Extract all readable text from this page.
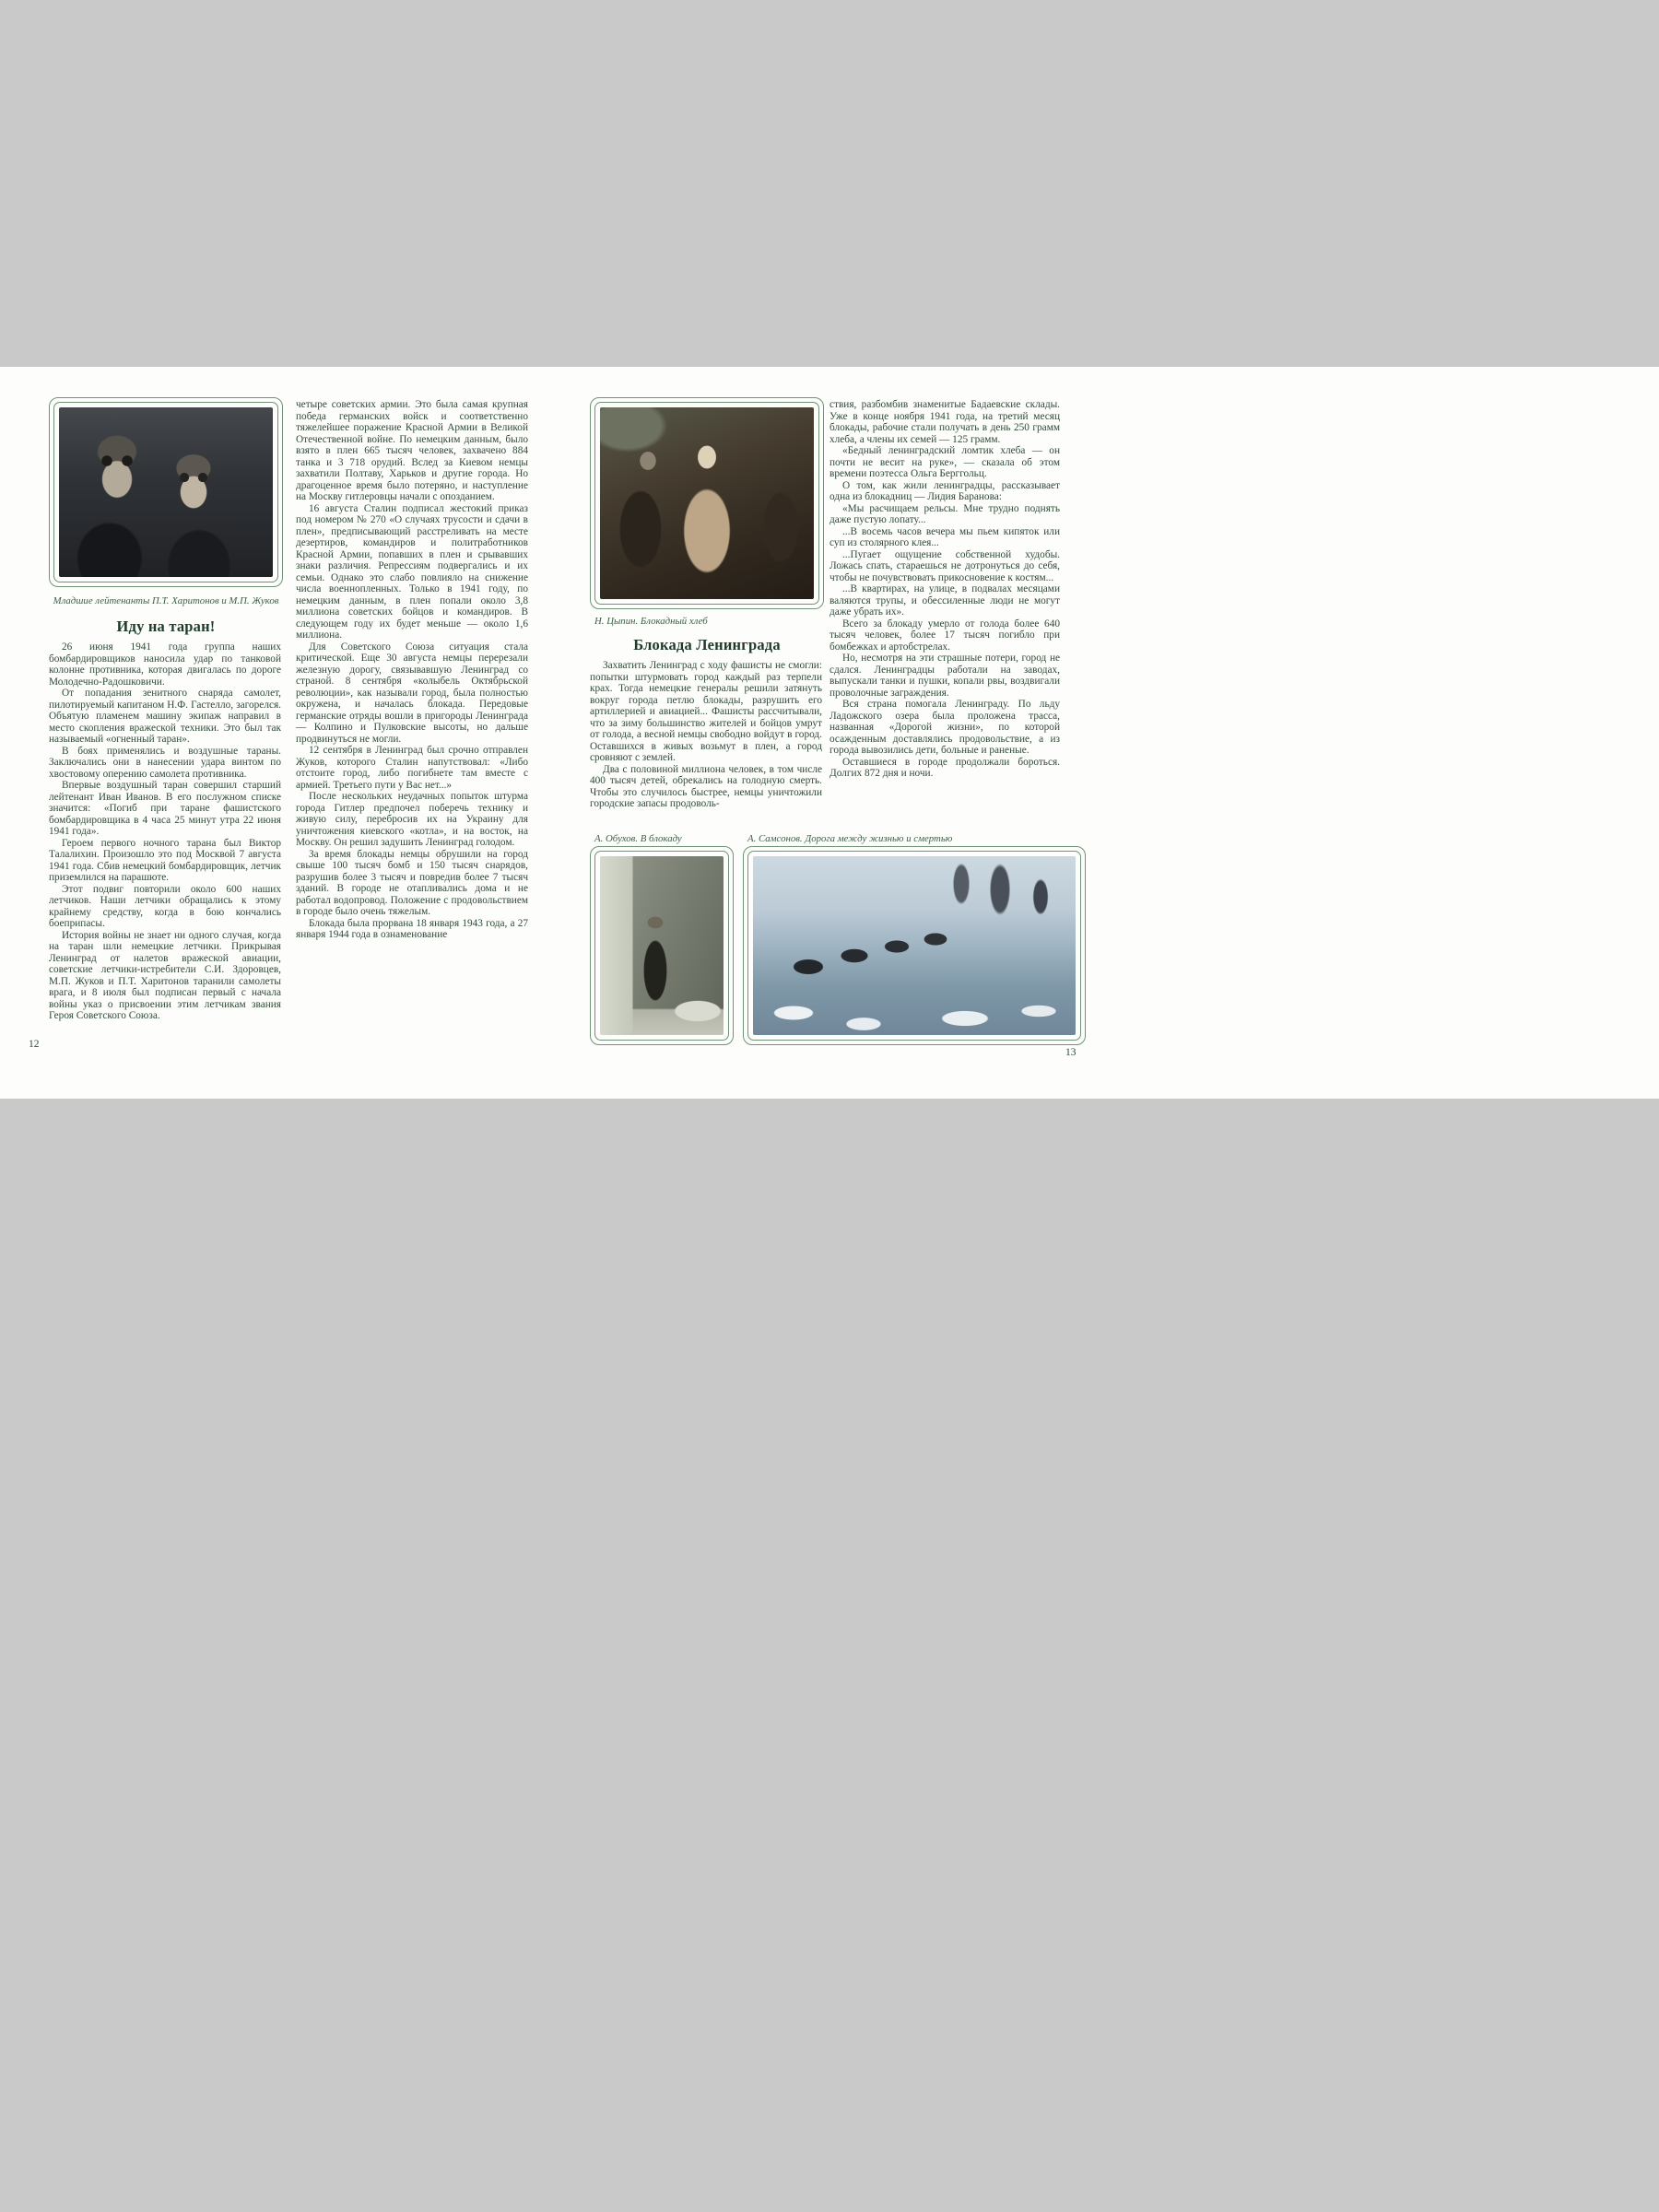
Младшие лейтенанты П.Т. Харитонов и М.П. Жуков
Иду на таран!

26 июня 1941 года группа наших бомбардировщиков наносила удар по танковой колонне противника, которая двигалась по дороге Молодечно-Радошковичи.

От попадания зенитного снаряда самолет, пилотируемый капитаном Н.Ф. Гастелло, загорелся. Объятую пламенем машину экипаж направил в место скопления вражеской техники. Это был так называемый «огненный таран».

В боях применялись и воздушные тараны. Заключались они в нанесении удара винтом по хвостовому оперению самолета противника.

Впервые воздушный таран совершил старший лейтенант Иван Иванов. В его послужном списке значится: «Погиб при таране фашистского бомбардировщика в 4 часа 25 минут утра 22 июня 1941 года».

Героем первого ночного тарана был Виктор Талалихин. Произошло это под Москвой 7 августа 1941 года. Сбив немецкий бомбардировщик, летчик приземлился на парашюте.

Этот подвиг повторили около 600 наших летчиков. Наши летчики обращались к этому крайнему средству, когда в бою кончались боеприпасы.

История войны не знает ни одного случая, когда на таран шли немецкие летчики. Прикрывая Ленинград от налетов вражеской авиации, советские летчики-истребители С.И. Здоровцев, М.П. Жуков и П.Т. Харитонов таранили самолеты врага, и 8 июля был подписан первый с начала войны указ о присвоении этим летчикам звания Героя Советского Союза.

четыре советских армии. Это была самая крупная победа германских войск и соответственно тяжелейшее поражение Красной Армии в Великой Отечественной войне. По немецким данным, было взято в плен 665 тысяч человек, захвачено 884 танка и 3 718 орудий. Вслед за Киевом немцы захватили Полтаву, Харьков и другие города. Но драгоценное время было потеряно, и наступление на Москву гитлеровцы начали с опозданием.

16 августа Сталин подписал жестокий приказ под номером № 270 «О случаях трусости и сдачи в плен», предписывающий расстреливать на месте дезертиров, командиров и политработников Красной Армии, попавших в плен и срывавших знаки различия. Репрессиям подвергались и их семьи. Однако это слабо повлияло на снижение числа военнопленных. Только в 1941 году, по немецким данным, в плен попали около 3,8 миллиона советских бойцов и командиров. В следующем году их будет меньше — около 1,6 миллиона.

Для Советского Союза ситуация стала критической. Еще 30 августа немцы перерезали железную дорогу, связывавшую Ленинград со страной. 8 сентября «колыбель Октябрьской революции», как называли город, была полностью окружена, и началась блокада. Передовые германские отряды вошли в пригороды Ленинграда — Колпино и Пулковские высоты, но дальше продвинуться не могли.

12 сентября в Ленинград был срочно отправлен Жуков, которого Сталин напутствовал: «Либо отстоите город, либо погибнете там вместе с армией. Третьего пути у Вас нет...»

После нескольких неудачных попыток штурма города Гитлер предпочел поберечь технику и живую силу, перебросив их на Украину для уничтожения киевского «котла», и на восток, на Москву. Он решил задушить Ленинград голодом.

За время блокады немцы обрушили на город свыше 100 тысяч бомб и 150 тысяч снарядов, разрушив более 3 тысяч и повредив более 7 тысяч зданий. В городе не отапливались дома и не работал водопровод. Положение с продовольствием в городе было очень тяжелым.

Блокада была прорвана 18 января 1943 года, а 27 января 1944 года в ознаменование

12
Н. Цыпин. Блокадный хлеб
Блокада Ленинграда

Захватить Ленинград с ходу фашисты не смогли: попытки штурмовать город каждый раз терпели крах. Тогда немецкие генералы решили затянуть вокруг города петлю блокады, разрушить его артиллерией и авиацией... Фашисты рассчитывали, что за зиму большинство жителей и бойцов умрут от голода, а весной немцы свободно войдут в город. Оставшихся в живых возьмут в плен, а город сровняют с землей.

Два с половиной миллиона человек, в том числе 400 тысяч детей, обрекались на голодную смерть. Чтобы это случилось быстрее, немцы уничтожили городские запасы продоволь-

ствия, разбомбив знаменитые Бадаевские склады. Уже в конце ноября 1941 года, на третий месяц блокады, рабочие стали получать в день 250 грамм хлеба, а члены их семей — 125 грамм.

«Бедный ленинградский ломтик хлеба — он почти не весит на руке», — сказала об этом времени поэтесса Ольга Берггольц.

О том, как жили ленинградцы, рассказывает одна из блокадниц — Лидия Баранова:

«Мы расчищаем рельсы. Мне трудно поднять даже пустую лопату...

...В восемь часов вечера мы пьем кипяток или суп из столярного клея...

...Пугает ощущение собственной худобы. Ложась спать, стараешься не дотронуться до себя, чтобы не почувствовать прикосновение к костям...

...В квартирах, на улице, в подвалах месяцами валяются трупы, и обессиленные люди не могут даже убрать их».

Всего за блокаду умерло от голода более 640 тысяч человек, более 17 тысяч погибло при бомбежках и артобстрелах.

Но, несмотря на эти страшные потери, город не сдался. Ленинградцы работали на заводах, выпускали танки и пушки, копали рвы, воздвигали проволочные заграждения.

Вся страна помогала Ленинграду. По льду Ладожского озера была проложена трасса, названная «Дорогой жизни», по которой осажденным доставлялись продовольствие, а из города вывозились дети, больные и раненые.

Оставшиеся в городе продолжали бороться. Долгих 872 дня и ночи.

А. Обухов. В блокаду	А. Самсонов. Дорога между жизнью и смертью
13
